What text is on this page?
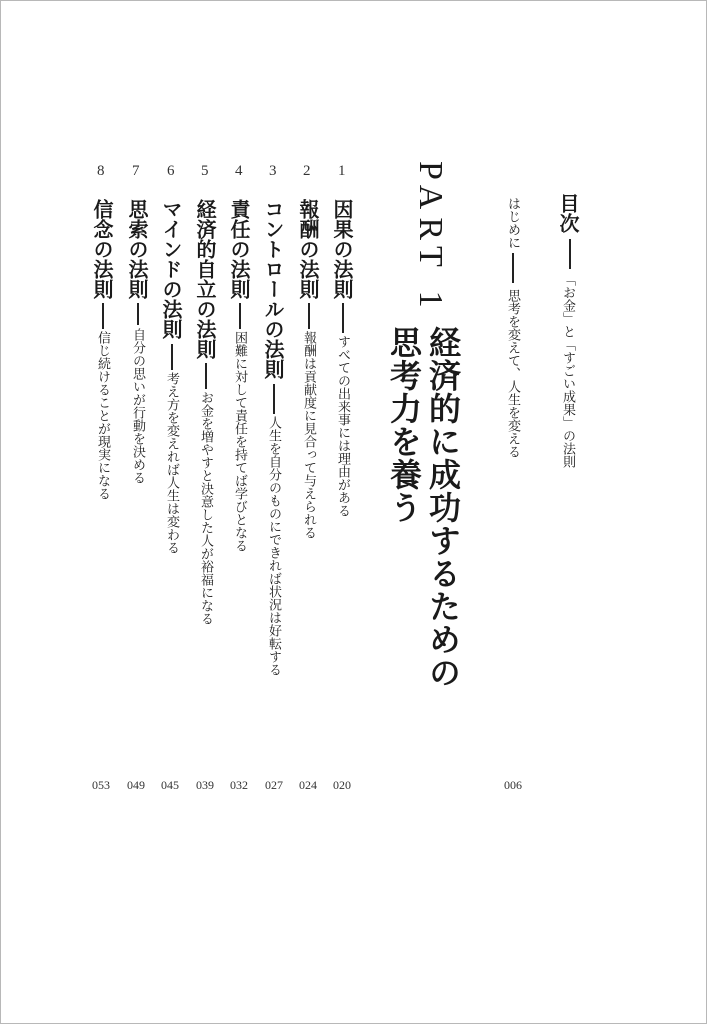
目次
「お金」と「すごい成果」の法則
はじめに
思考を変えて、人生を変える
006
PART 1
経済的に成功するための
思考力を養う
1
因果の法則
すべての出来事には理由がある
020
2
報酬の法則
報酬は貢献度に見合って与えられる
024
3
コントロールの法則
人生を自分のものにできれば状況は好転する
027
4
責任の法則
困難に対して責任を持てば学びとなる
032
5
経済的自立の法則
お金を増やすと決意した人が裕福になる
039
6
マインドの法則
考え方を変えれば人生は変わる
045
7
思索の法則
自分の思いが行動を決める
049
8
信念の法則
信じ続けることが現実になる
053
